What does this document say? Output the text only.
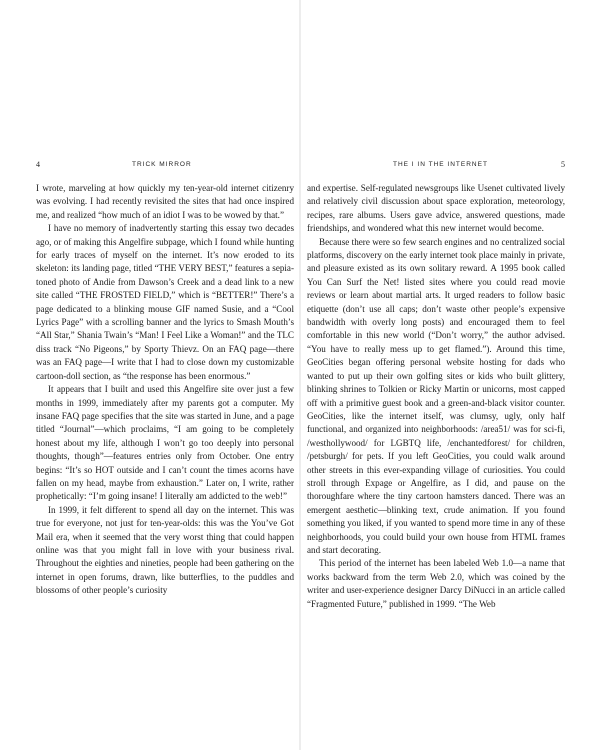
4	TRICK MIRROR

I wrote, marveling at how quickly my ten-year-old internet citizenry was evolving. I had recently revisited the sites that had once inspired me, and realized “how much of an idiot I was to be wowed by that.”

I have no memory of inadvertently starting this essay two decades ago, or of making this Angelfire subpage, which I found while hunting for early traces of myself on the internet. It’s now eroded to its skeleton: its landing page, titled “THE VERY BEST,” features a sepia-toned photo of Andie from Dawson’s Creek and a dead link to a new site called “THE FROSTED FIELD,” which is “BETTER!” There’s a page dedicated to a blinking mouse GIF named Susie, and a “Cool Lyrics Page” with a scrolling banner and the lyrics to Smash Mouth’s “All Star,” Shania Twain’s “Man! I Feel Like a Woman!” and the TLC diss track “No Pigeons,” by Sporty Thievz. On an FAQ page—there was an FAQ page—I write that I had to close down my customizable cartoon-doll section, as “the response has been enormous.”

It appears that I built and used this Angelfire site over just a few months in 1999, immediately after my parents got a computer. My insane FAQ page specifies that the site was started in June, and a page titled “Journal”—which proclaims, “I am going to be completely honest about my life, although I won’t go too deeply into personal thoughts, though”—features entries only from October. One entry begins: “It’s so HOT outside and I can’t count the times acorns have fallen on my head, maybe from exhaustion.” Later on, I write, rather prophetically: “I’m going insane! I literally am addicted to the web!”

In 1999, it felt different to spend all day on the internet. This was true for everyone, not just for ten-year-olds: this was the You’ve Got Mail era, when it seemed that the very worst thing that could happen online was that you might fall in love with your business rival. Throughout the eighties and nineties, people had been gathering on the internet in open forums, drawn, like butterflies, to the puddles and blossoms of other people’s curiosity

THE I IN THE INTERNET	5

and expertise. Self-regulated newsgroups like Usenet cultivated lively and relatively civil discussion about space exploration, meteorology, recipes, rare albums. Users gave advice, answered questions, made friendships, and wondered what this new internet would become.

Because there were so few search engines and no centralized social platforms, discovery on the early internet took place mainly in private, and pleasure existed as its own solitary reward. A 1995 book called You Can Surf the Net! listed sites where you could read movie reviews or learn about martial arts. It urged readers to follow basic etiquette (don’t use all caps; don’t waste other people’s expensive bandwidth with overly long posts) and encouraged them to feel comfortable in this new world (“Don’t worry,” the author advised. “You have to really mess up to get flamed.”). Around this time, GeoCities began offering personal website hosting for dads who wanted to put up their own golfing sites or kids who built glittery, blinking shrines to Tolkien or Ricky Martin or unicorns, most capped off with a primitive guest book and a green-and-black visitor counter. GeoCities, like the internet itself, was clumsy, ugly, only half functional, and organized into neighborhoods: /area51/ was for sci-fi, /westhollywood/ for LGBTQ life, /enchantedforest/ for children, /petsburgh/ for pets. If you left GeoCities, you could walk around other streets in this ever-expanding village of curiosities. You could stroll through Expage or Angelfire, as I did, and pause on the thoroughfare where the tiny cartoon hamsters danced. There was an emergent aesthetic—blinking text, crude animation. If you found something you liked, if you wanted to spend more time in any of these neighborhoods, you could build your own house from HTML frames and start decorating.

This period of the internet has been labeled Web 1.0—a name that works backward from the term Web 2.0, which was coined by the writer and user-experience designer Darcy DiNucci in an article called “Fragmented Future,” published in 1999. “The Web
